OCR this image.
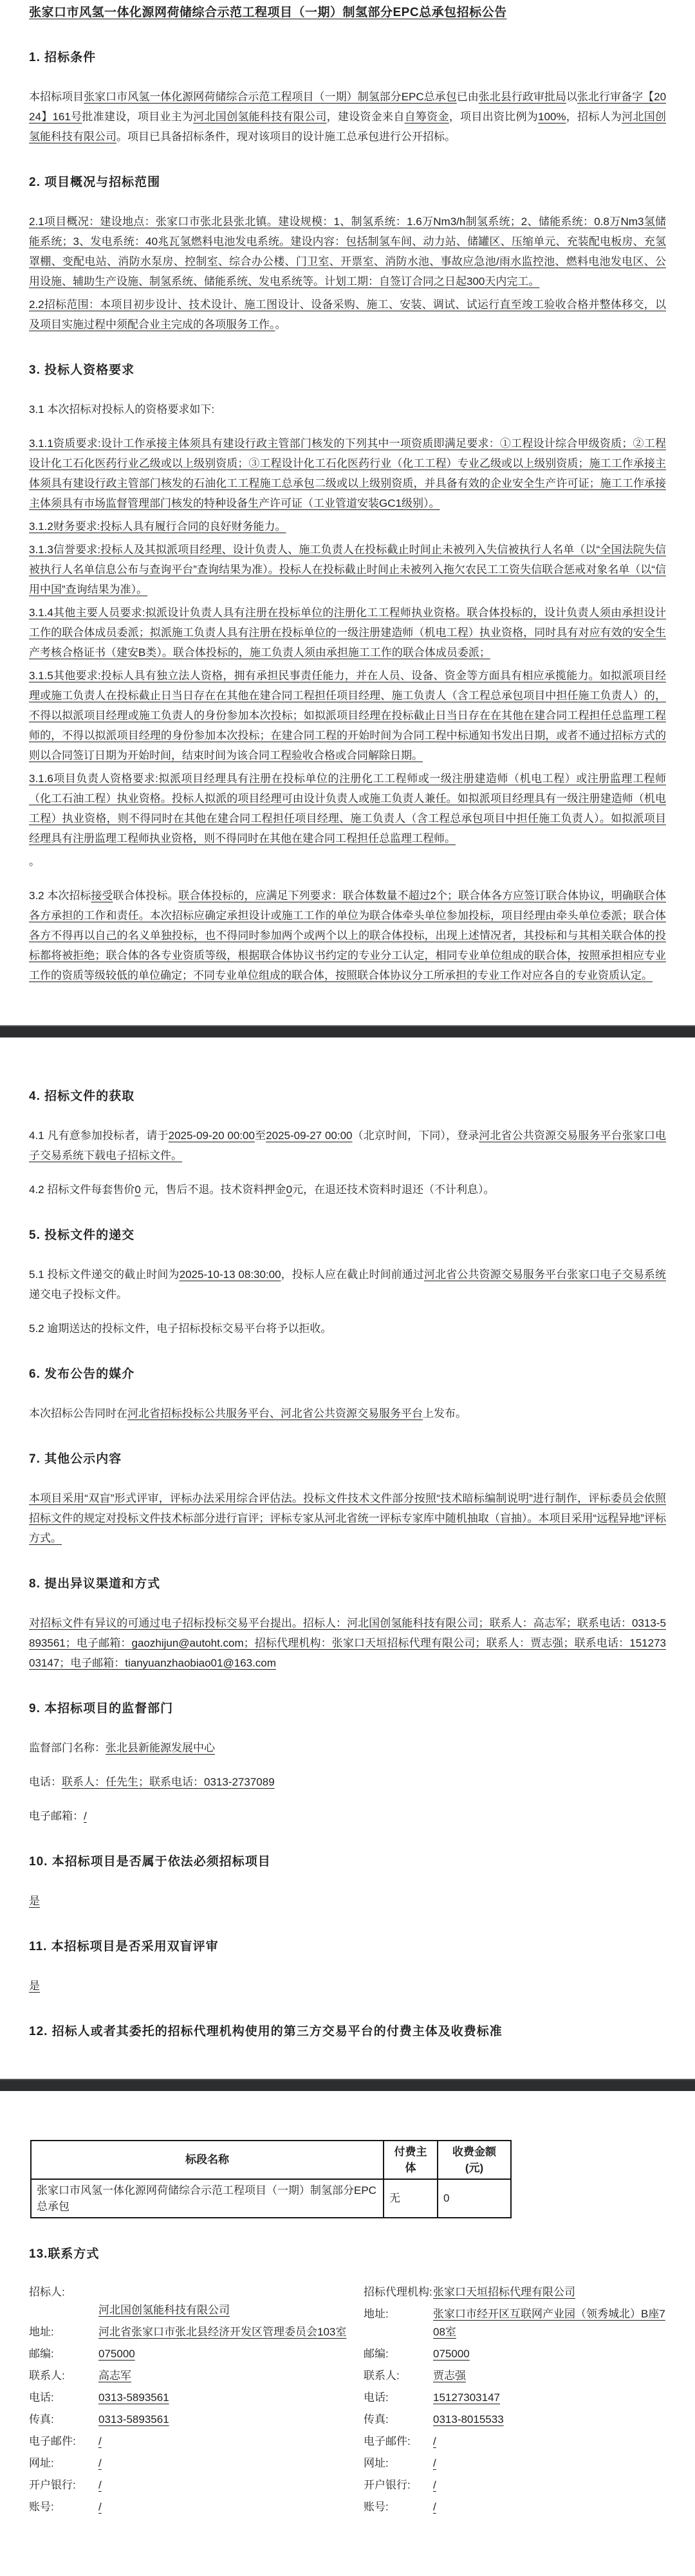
张家口市风氢一体化源网荷储综合示范工程项目（一期）制氢部分EPC总承包招标公告
1. 招标条件

本招标项目张家口市风氢一体化源网荷储综合示范工程项目（一期）制氢部分EPC总承包已由张北县行政审批局以张北行审备字【2024】161号批准建设，项目业主为河北国创氢能科技有限公司，建设资金来自自筹资金，项目出资比例为100%，招标人为河北国创氢能科技有限公司。项目已具备招标条件，现对该项目的设计施工总承包进行公开招标。

2. 项目概况与招标范围

2.1项目概况：建设地点：张家口市张北县张北镇。建设规模：1、制氢系统：1.6万Nm3/h制氢系统；2、储能系统：0.8万Nm3氢储能系统；3、发电系统：40兆瓦氢燃料电池发电系统。建设内容：包括制氢车间、动力站、储罐区、压缩单元、充装配电板房、充氢罩棚、变配电站、消防水泵房、控制室、综合办公楼、门卫室、开票室、消防水池、事故应急池/雨水监控池、燃料电池发电区、公用设施、辅助生产设施、制氢系统、储能系统、发电系统等。计划工期：自签订合同之日起300天内完工。

2.2招标范围：本项目初步设计、技术设计、施工图设计、设备采购、施工、安装、调试、试运行直至竣工验收合格并整体移交，以及项目实施过程中须配合业主完成的各项服务工作。。

3. 投标人资格要求

3.1 本次招标对投标人的资格要求如下:

3.1.1资质要求:设计工作承接主体须具有建设行政主管部门核发的下列其中一项资质即满足要求：①工程设计综合甲级资质；②工程设计化工石化医药行业乙级或以上级别资质；③工程设计化工石化医药行业（化工工程）专业乙级或以上级别资质；施工工作承接主体须具有建设行政主管部门核发的石油化工工程施工总承包二级或以上级别资质，并具备有效的企业安全生产许可证；施工工作承接主体须具有市场监督管理部门核发的特种设备生产许可证（工业管道安装GC1级别）。

3.1.2财务要求:投标人具有履行合同的良好财务能力。

3.1.3信誉要求:投标人及其拟派项目经理、设计负责人、施工负责人在投标截止时间止未被列入失信被执行人名单（以“全国法院失信被执行人名单信息公布与查询平台”查询结果为准）。投标人在投标截止时间止未被列入拖欠农民工工资失信联合惩戒对象名单（以“信用中国”查询结果为准）。

3.1.4其他主要人员要求:拟派设计负责人具有注册在投标单位的注册化工工程师执业资格。联合体投标的，设计负责人须由承担设计工作的联合体成员委派；拟派施工负责人具有注册在投标单位的一级注册建造师（机电工程）执业资格，同时具有对应有效的安全生产考核合格证书（建安B类）。联合体投标的，施工负责人须由承担施工工作的联合体成员委派；

3.1.5其他要求:投标人具有独立法人资格，拥有承担民事责任能力，并在人员、设备、资金等方面具有相应承揽能力。如拟派项目经理或施工负责人在投标截止日当日存在在其他在建合同工程担任项目经理、施工负责人（含工程总承包项目中担任施工负责人）的，不得以拟派项目经理或施工负责人的身份参加本次投标；如拟派项目经理在投标截止日当日存在在其他在建合同工程担任总监理工程师的，不得以拟派项目经理的身份参加本次投标；在建合同工程的开始时间为合同工程中标通知书发出日期，或者不通过招标方式的则以合同签订日期为开始时间，结束时间为该合同工程验收合格或合同解除日期。

3.1.6项目负责人资格要求:拟派项目经理具有注册在投标单位的注册化工工程师或一级注册建造师（机电工程）或注册监理工程师（化工石油工程）执业资格。投标人拟派的项目经理可由设计负责人或施工负责人兼任。如拟派项目经理具有一级注册建造师（机电工程）执业资格，则不得同时在其他在建合同工程担任项目经理、施工负责人（含工程总承包项目中担任施工负责人）。如拟派项目经理具有注册监理工程师执业资格，则不得同时在其他在建合同工程担任总监理工程师。

。

3.2 本次招标接受联合体投标。联合体投标的，应满足下列要求：联合体数量不超过2个；联合体各方应签订联合体协议，明确联合体各方承担的工作和责任。本次招标应确定承担设计或施工工作的单位为联合体牵头单位参加投标，项目经理由牵头单位委派；联合体各方不得再以自己的名义单独投标，也不得同时参加两个或两个以上的联合体投标，出现上述情况者，其投标和与其相关联合体的投标都将被拒绝；联合体的各专业资质等级，根据联合体协议书约定的专业分工认定，相同专业单位组成的联合体，按照承担相应专业工作的资质等级较低的单位确定；不同专业单位组成的联合体，按照联合体协议分工所承担的专业工作对应各自的专业资质认定。

4. 招标文件的获取

4.1 凡有意参加投标者，请于2025-09-20 00:00至2025-09-27 00:00（北京时间，下同），登录河北省公共资源交易服务平台张家口电子交易系统下载电子招标文件。

4.2 招标文件每套售价0 元，售后不退。技术资料押金0元，在退还技术资料时退还（不计利息）。

5. 投标文件的递交

5.1 投标文件递交的截止时间为2025-10-13 08:30:00，投标人应在截止时间前通过河北省公共资源交易服务平台张家口电子交易系统递交电子投标文件。

5.2 逾期送达的投标文件，电子招标投标交易平台将予以拒收。

6. 发布公告的媒介

本次招标公告同时在河北省招标投标公共服务平台、河北省公共资源交易服务平台上发布。

7. 其他公示内容

本项目采用“双盲”形式评审，评标办法采用综合评估法。投标文件技术文件部分按照“技术暗标编制说明”进行制作，评标委员会依照招标文件的规定对投标文件技术标部分进行盲评；评标专家从河北省统一评标专家库中随机抽取（盲抽）。本项目采用“远程异地”评标方式。

8. 提出异议渠道和方式

对招标文件有异议的可通过电子招标投标交易平台提出。招标人：河北国创氢能科技有限公司；联系人：高志军；联系电话：0313-5893561；电子邮箱：gaozhijun@autoht.com；招标代理机构：张家口天垣招标代理有限公司；联系人：贾志强；联系电话：15127303147；电子邮箱：tianyuanzhaobiao01@163.com

9. 本招标项目的监督部门

监督部门名称：张北县新能源发展中心

电话：联系人：任先生；联系电话：0313-2737089

电子邮箱：/

10. 本招标项目是否属于依法必须招标项目

是

11. 本招标项目是否采用双盲评审

是

12. 招标人或者其委托的招标代理机构使用的第三方交易平台的付费主体及收费标准
标段名称	付费主体	收费金额(元)
张家口市风氢一体化源网荷储综合示范工程项目（一期）制氢部分EPC总承包	无	0
13.联系方式
招标人:

河北国创氢能科技有限公司
地址:	河北省张家口市张北县经济开发区管理委员会103室
邮编:	075000
联系人:	高志军
电话:	0313-5893561
传真:	0313-5893561
电子邮件:	/
网址:	/
开户银行:	/
账号:	/
招标代理机构: 张家口天垣招标代理有限公司
地址:	张家口市经开区互联网产业园（领秀城北）B座708室
邮编:	075000
联系人:	贾志强
电话:	15127303147
传真:	0313-8015533
电子邮件:	/
网址:	/
开户银行:	/
账号:	/
